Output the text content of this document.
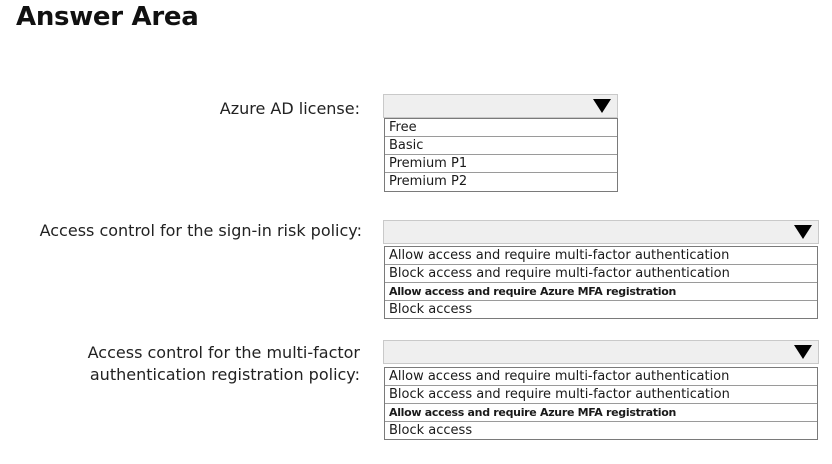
Answer Area
Azure AD license:
Free
Basic
Premium P1
Premium P2
Access control for the sign-in risk policy:
Allow access and require multi-factor authentication
Block access and require multi-factor authentication
Allow access and require Azure MFA registration
Block access
Access control for the multi-factor
authentication registration policy:	Allow access and require multi-factor authentication
Block access and require multi-factor authentication
Allow access and require Azure MFA registration
Block access
